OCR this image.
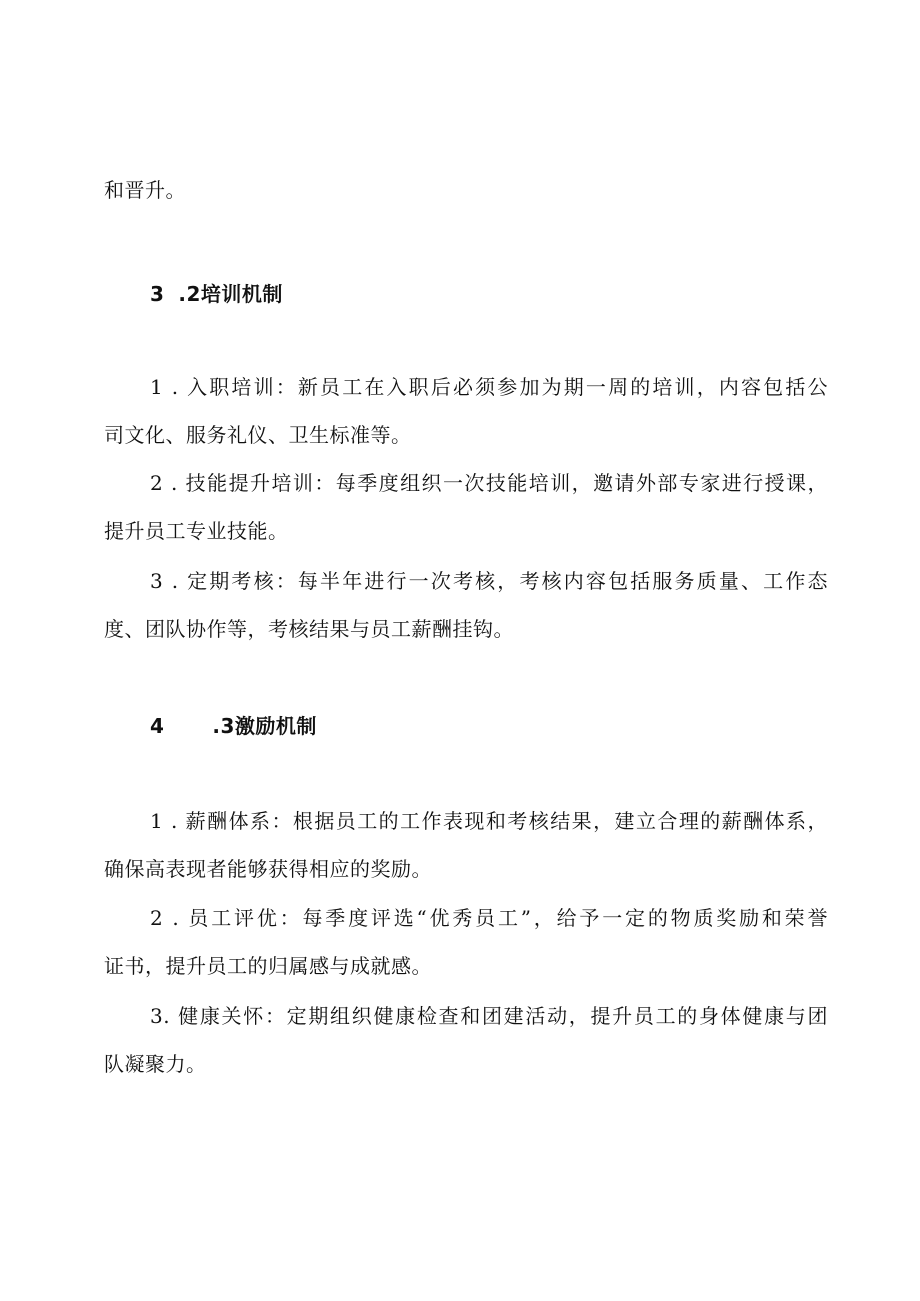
和晋升。
3 .2培训机制
1 . 入职培训：新员工在入职后必须参加为期一周的培训，内容包括公
司文化、服务礼仪、卫生标准等。
2 . 技能提升培训：每季度组织一次技能培训，邀请外部专家进行授课，
提升员工专业技能。
3 . 定期考核：每半年进行一次考核，考核内容包括服务质量、工作态
度、团队协作等，考核结果与员工薪酬挂钩。
4 .3激励机制
1 . 薪酬体系：根据员工的工作表现和考核结果，建立合理的薪酬体系，
确保高表现者能够获得相应的奖励。
2 . 员工评优：每季度评选“优秀员工”，给予一定的物质奖励和荣誉
证书，提升员工的归属感与成就感。
3. 健康关怀：定期组织健康检查和团建活动，提升员工的身体健康与团
队凝聚力。
